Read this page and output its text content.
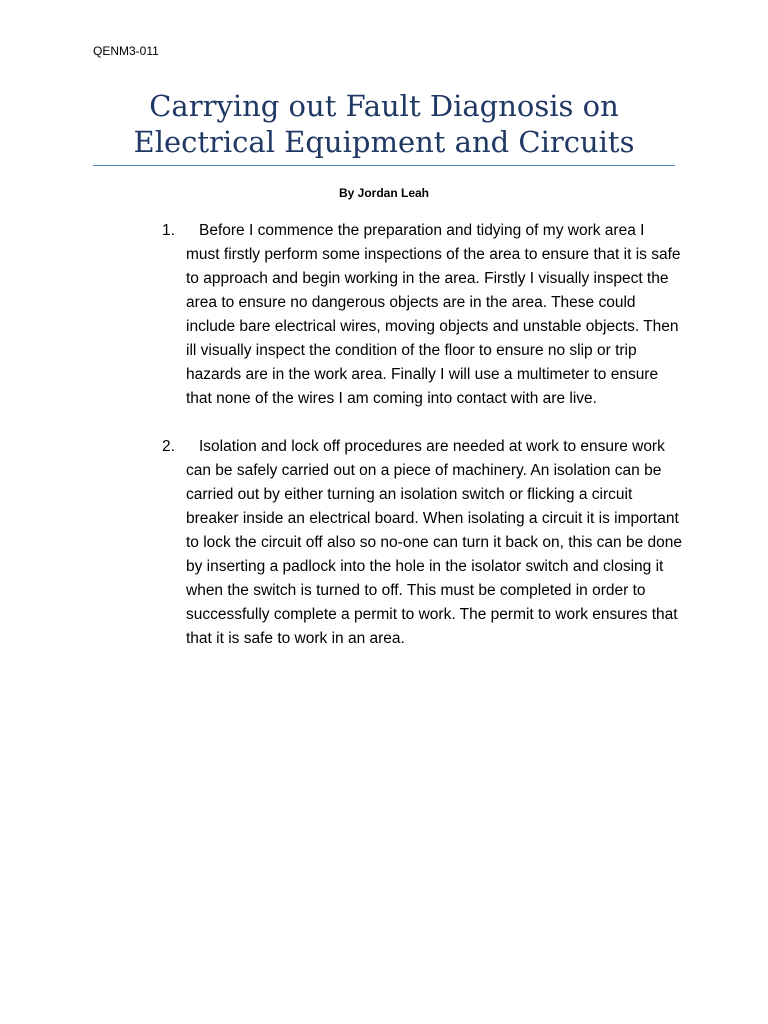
QENM3-011
Carrying out Fault Diagnosis on
Electrical Equipment and Circuits
By Jordan Leah
1.	Before I commence the preparation and tidying of my work area I must firstly perform some inspections of the area to ensure that it is safe to approach and begin working in the area. Firstly I visually inspect the area to ensure no dangerous objects are in the area. These could include bare electrical wires, moving objects and unstable objects. Then ill visually inspect the condition of the floor to ensure no slip or trip hazards are in the work area. Finally I will use a multimeter to ensure that none of the wires I am coming into contact with are live.
2.	Isolation and lock off procedures are needed at work to ensure work can be safely carried out on a piece of machinery. An isolation can be carried out by either turning an isolation switch or flicking a circuit breaker inside an electrical board. When isolating a circuit it is important to lock the circuit off also so no-one can turn it back on, this can be done by inserting a padlock into the hole in the isolator switch and closing it when the switch is turned to off. This must be completed in order to successfully complete a permit to work. The permit to work ensures that that it is safe to work in an area.
